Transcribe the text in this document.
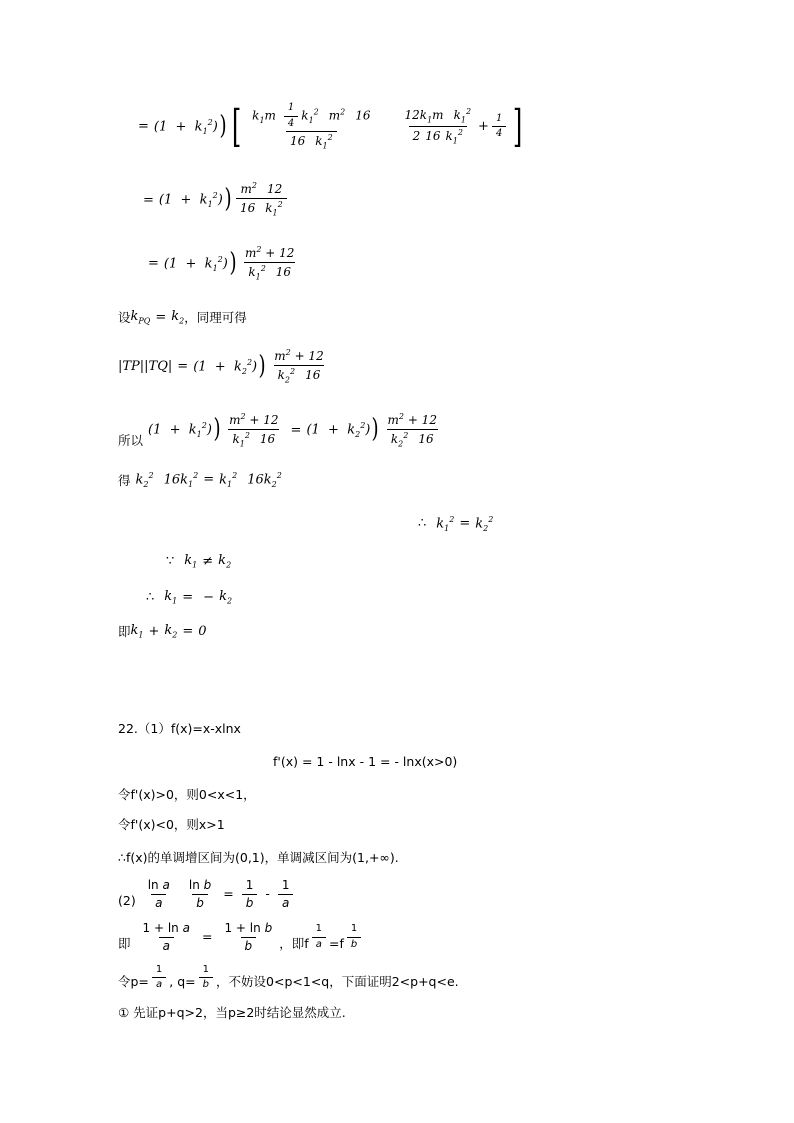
= $(1 + k_1^2)$ ) [ $\frac{k_1m \frac{1}{4} k_1^2 m^2 16}{16 k_1^2} \frac{12k_1m k_1^2}{2 16 k_1^2} + \frac{1}{4}$ ]
= $(1 + k_1^2)$ ) $\frac{m^2 12}{16 k_1^2}$
= $(1 + k_1^2)$ ) $\frac{m^2 + 12}{k_1^2 16}$
设 $k_{PQ} = k_2$ ，同理可得
$|TP||TQ| = (1 + k_2^2)$ ) $\frac{m^2 + 12}{k_2^2 16}$
所以
$(1 + k_1^2)$ ) $\frac{m^2 + 12}{k_1^2 16} = (1 + k_2^2)$ ) $\frac{m^2 + 12}{k_2^2 16}$
得 $k_2^2$ $16k_1^2 = k_1^2$ $16k_2^2$
∴ $k_1^2 = k_2^2$
∵ $k_1 \ne k_2$
∴ $k_1$ = − $k_2$
即 $k_1 + k_2 = 0$
22.（1）f(x)=x-xlnx
f'(x) = 1 - lnx - 1 = - lnx(x>0)
令f'(x)>0，则0<x<1，
令f'(x)<0，则x>1
∴f(x)的单调增区间为(0,1)，单调减区间为(1,+∞).
$(2) \frac{\text{ln a}}{a} \frac{\text{ln b}}{b} = \frac{1}{b} - \frac{1}{a}$
即 $\frac{\text{1 + ln a}}{a} = \frac{\text{1 + ln b}}{b}$ ，即 f $\frac{1}{a} =f \frac{1}{b}$
令$p= \frac{1}{a}$ , $q= \frac{1}{b}$ ，不妨设0<p<1<q，下面证明2<p+q<e.
① 先证p+q>2，当p≥2时结论显然成立.
